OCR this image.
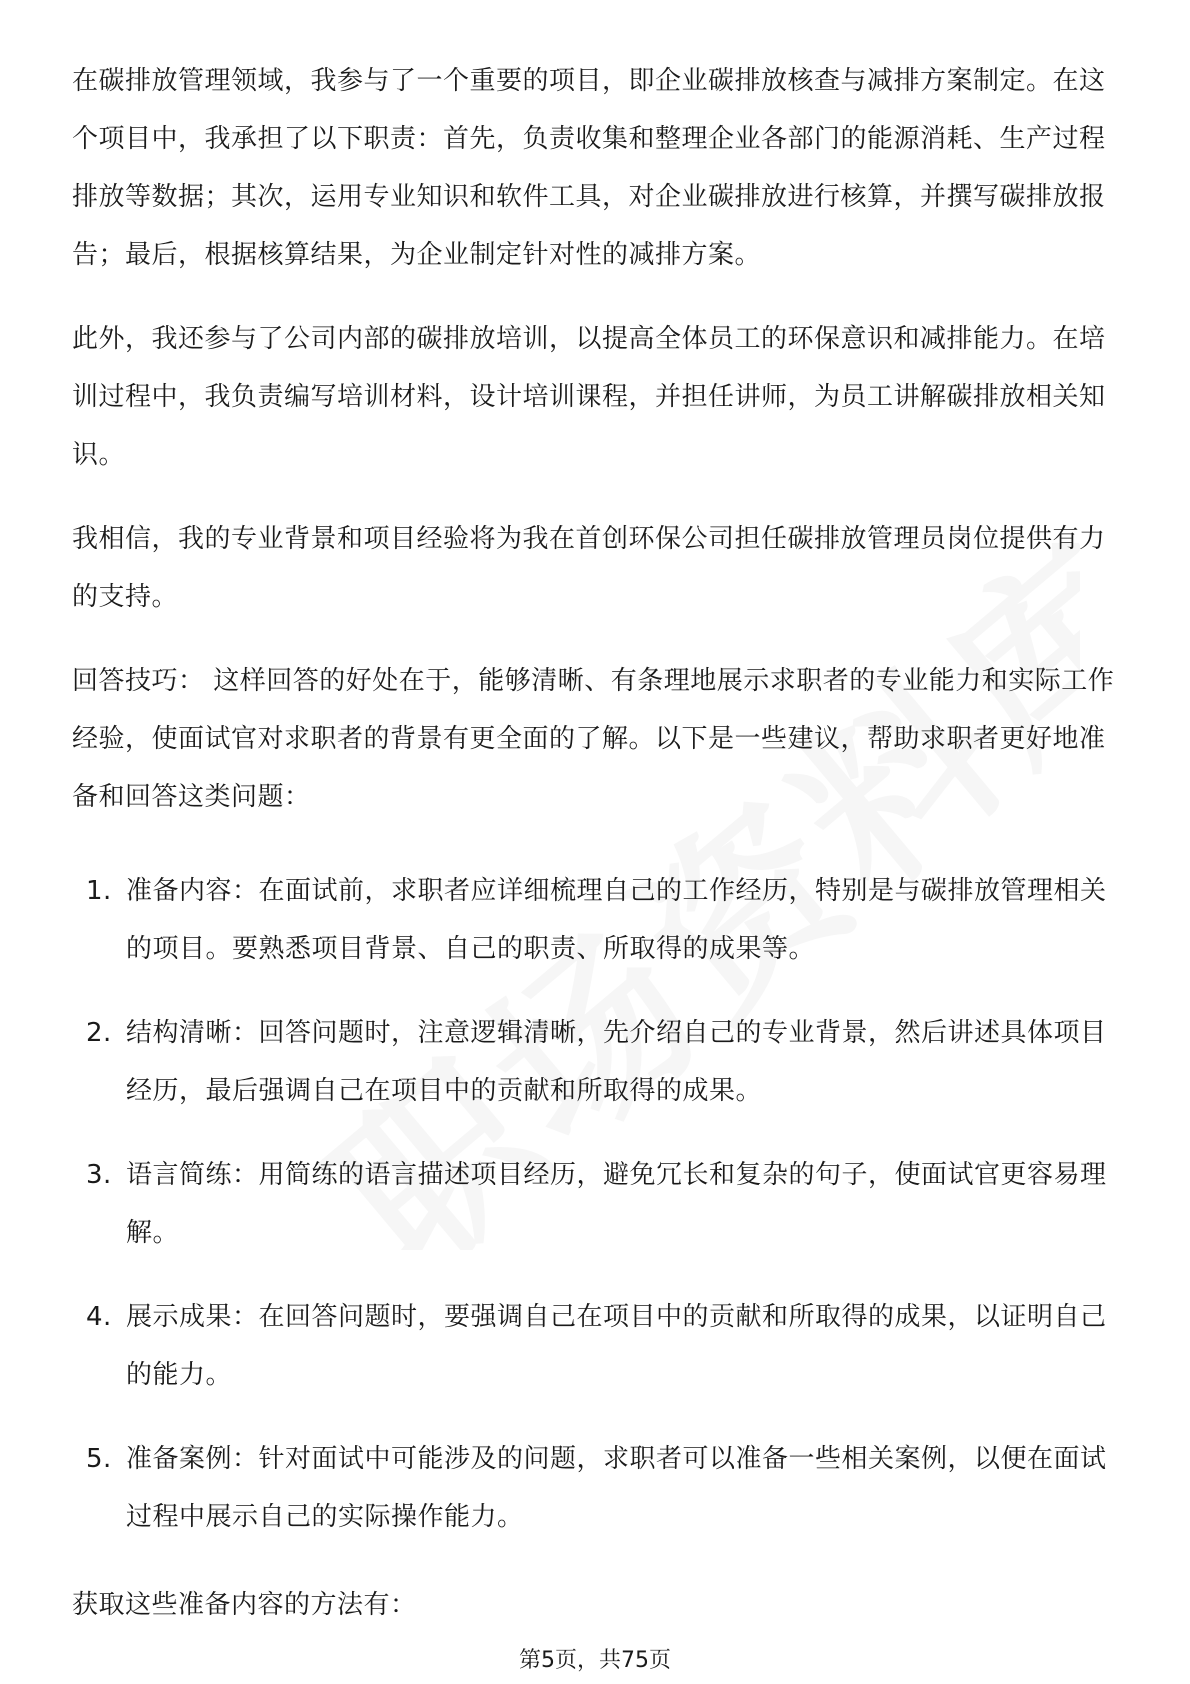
在碳排放管理领域，我参与了一个重要的项目，即企业碳排放核查与减排方案制定。在这个项目中，我承担了以下职责：首先，负责收集和整理企业各部门的能源消耗、生产过程排放等数据；其次，运用专业知识和软件工具，对企业碳排放进行核算，并撰写碳排放报告；最后，根据核算结果，为企业制定针对性的减排方案。

此外，我还参与了公司内部的碳排放培训，以提高全体员工的环保意识和减排能力。在培训过程中，我负责编写培训材料，设计培训课程，并担任讲师，为员工讲解碳排放相关知识。

我相信，我的专业背景和项目经验将为我在首创环保公司担任碳排放管理员岗位提供有力的支持。

回答技巧： 这样回答的好处在于，能够清晰、有条理地展示求职者的专业能力和实际工作经验，使面试官对求职者的背景有更全面的了解。以下是一些建议，帮助求职者更好地准备和回答这类问题：

1. 准备内容：在面试前，求职者应详细梳理自己的工作经历，特别是与碳排放管理相关的项目。要熟悉项目背景、自己的职责、所取得的成果等。
2. 结构清晰：回答问题时，注意逻辑清晰，先介绍自己的专业背景，然后讲述具体项目经历，最后强调自己在项目中的贡献和所取得的成果。
3. 语言简练：用简练的语言描述项目经历，避免冗长和复杂的句子，使面试官更容易理解。
4. 展示成果：在回答问题时，要强调自己在项目中的贡献和所取得的成果，以证明自己的能力。
5. 准备案例：针对面试中可能涉及的问题，求职者可以准备一些相关案例，以便在面试过程中展示自己的实际操作能力。
获取这些准备内容的方法有：
第5页，共75页
